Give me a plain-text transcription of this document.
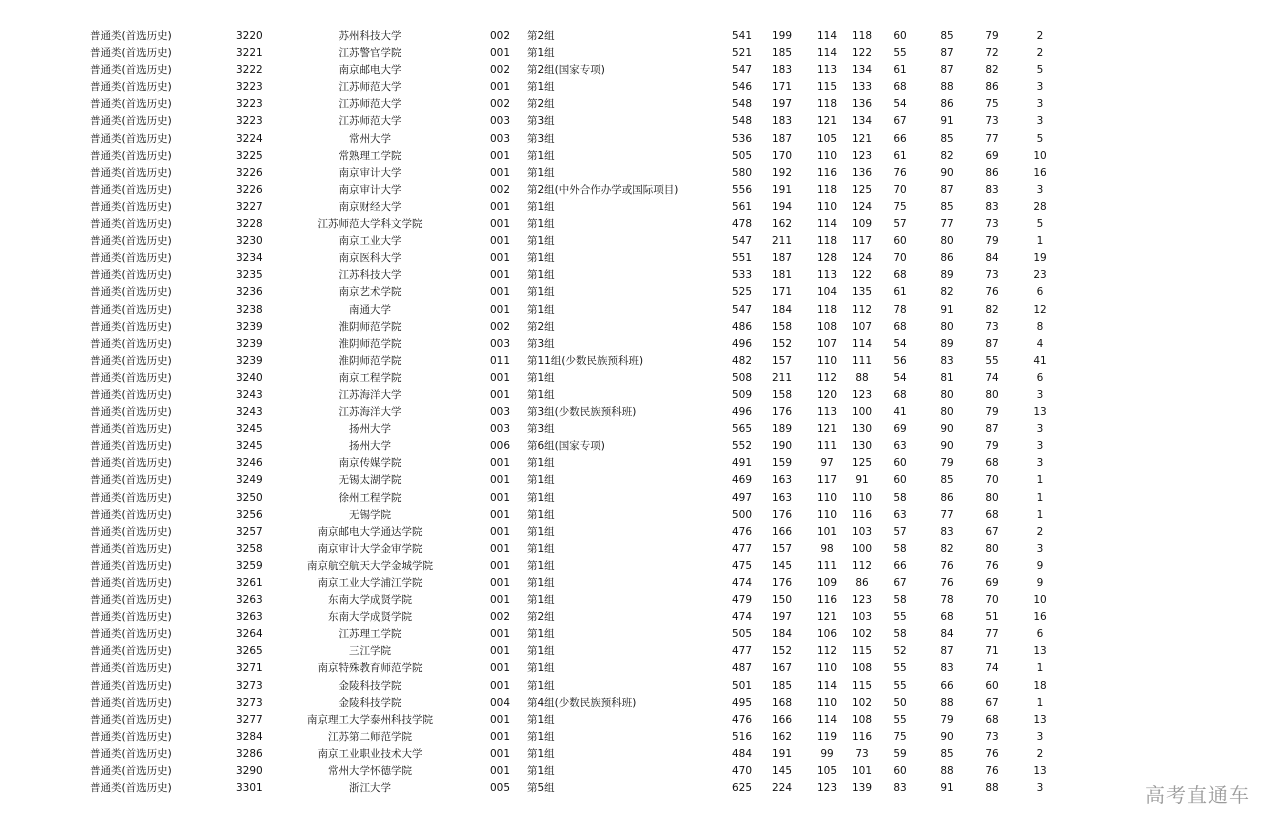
普通类(首选历史)	3220	苏州科技大学	002 第2组	541 199 114 118	60	85	79	2
普通类(首选历史)	3221	江苏警官学院	001 第1组	521 185 114 122	55	87	72	2
普通类(首选历史)	3222	南京邮电大学	002 第2组(国家专项)	547 183 113 134	61	87	82	5
普通类(首选历史)	3223	江苏师范大学	001 第1组	546 171 115 133	68	88	86	3
普通类(首选历史)	3223	江苏师范大学	002 第2组	548 197 118 136	54	86	75	3
普通类(首选历史)	3223	江苏师范大学	003 第3组	548 183 121 134	67	91	73	3
普通类(首选历史)	3224	常州大学	003 第3组	536 187 105 121	66	85	77	5
普通类(首选历史)	3225	常熟理工学院	001 第1组	505 170 110 123	61	82	69	10
普通类(首选历史)	3226	南京审计大学	001 第1组	580 192 116 136	76	90	86	16
普通类(首选历史)	3226	南京审计大学	002 第2组(中外合作办学或国际项目)	556 191 118 125	70	87	83	3
普通类(首选历史)	3227	南京财经大学	001 第1组	561 194 110 124	75	85	83	28
普通类(首选历史)	3228	江苏师范大学科文学院	001 第1组	478 162 114 109	57	77	73	5
普通类(首选历史)	3230	南京工业大学	001 第1组	547 211 118 117	60	80	79	1
普通类(首选历史)	3234	南京医科大学	001 第1组	551 187 128 124	70	86	84	19
普通类(首选历史)	3235	江苏科技大学	001 第1组	533 181 113 122	68	89	73	23
普通类(首选历史)	3236	南京艺术学院	001 第1组	525 171 104 135	61	82	76	6
普通类(首选历史)	3238	南通大学	001 第1组	547 184 118 112	78	91	82	12
普通类(首选历史)	3239	淮阴师范学院	002 第2组	486 158 108 107	68	80	73	8
普通类(首选历史)	3239	淮阴师范学院	003 第3组	496 152 107 114	54	89	87	4
普通类(首选历史)	3239	淮阴师范学院	011 第11组(少数民族预科班)	482 157 110 111	56	83	55	41
普通类(首选历史)	3240	南京工程学院	001 第1组	508 211 112	88	54	81	74	6
普通类(首选历史)	3243	江苏海洋大学	001 第1组	509 158 120 123	68	80	80	3
普通类(首选历史)	3243	江苏海洋大学	003 第3组(少数民族预科班)	496 176 113 100	41	80	79	13
普通类(首选历史)	3245	扬州大学	003 第3组	565 189 121 130	69	90	87	3
普通类(首选历史)	3245	扬州大学	006 第6组(国家专项)	552 190 111 130	63	90	79	3
普通类(首选历史)	3246	南京传媒学院	001 第1组	491 159	97	125	60	79	68	3
普通类(首选历史)	3249	无锡太湖学院	001 第1组	469 163 117	91	60	85	70	1
普通类(首选历史)	3250	徐州工程学院	001 第1组	497 163 110 110	58	86	80	1
普通类(首选历史)	3256	无锡学院	001 第1组	500 176 110 116	63	77	68	1
普通类(首选历史)	3257	南京邮电大学通达学院	001 第1组	476 166 101 103	57	83	67	2
普通类(首选历史)	3258	南京审计大学金审学院	001 第1组	477 157	98	100	58	82	80	3
普通类(首选历史)	3259	南京航空航天大学金城学院	001 第1组	475 145 111 112	66	76	76	9
普通类(首选历史)	3261	南京工业大学浦江学院	001 第1组	474 176 109	86	67	76	69	9
普通类(首选历史)	3263	东南大学成贤学院	001 第1组	479 150 116 123	58	78	70	10
普通类(首选历史)	3263	东南大学成贤学院	002 第2组	474 197 121 103	55	68	51	16
普通类(首选历史)	3264	江苏理工学院	001 第1组	505 184 106 102	58	84	77	6
普通类(首选历史)	3265	三江学院	001 第1组	477 152 112 115	52	87	71	13
普通类(首选历史)	3271	南京特殊教育师范学院	001 第1组	487 167 110 108	55	83	74	1
普通类(首选历史)	3273	金陵科技学院	001 第1组	501 185 114 115	55	66	60	18
普通类(首选历史)	3273	金陵科技学院	004 第4组(少数民族预科班)	495 168 110 102	50	88	67	1
普通类(首选历史)	3277	南京理工大学泰州科技学院	001 第1组	476 166 114 108	55	79	68	13
普通类(首选历史)	3284	江苏第二师范学院	001 第1组	516 162 119 116	75	90	73	3
普通类(首选历史)	3286	南京工业职业技术大学	001 第1组	484 191	99	73	59	85	76	2
普通类(首选历史)	3290	常州大学怀德学院	001 第1组	470 145 105 101	60	88	76	13
普通类(首选历史)	3301	浙江大学	005 第5组	625 224 123 139	83	91	88	3	高考直通车
